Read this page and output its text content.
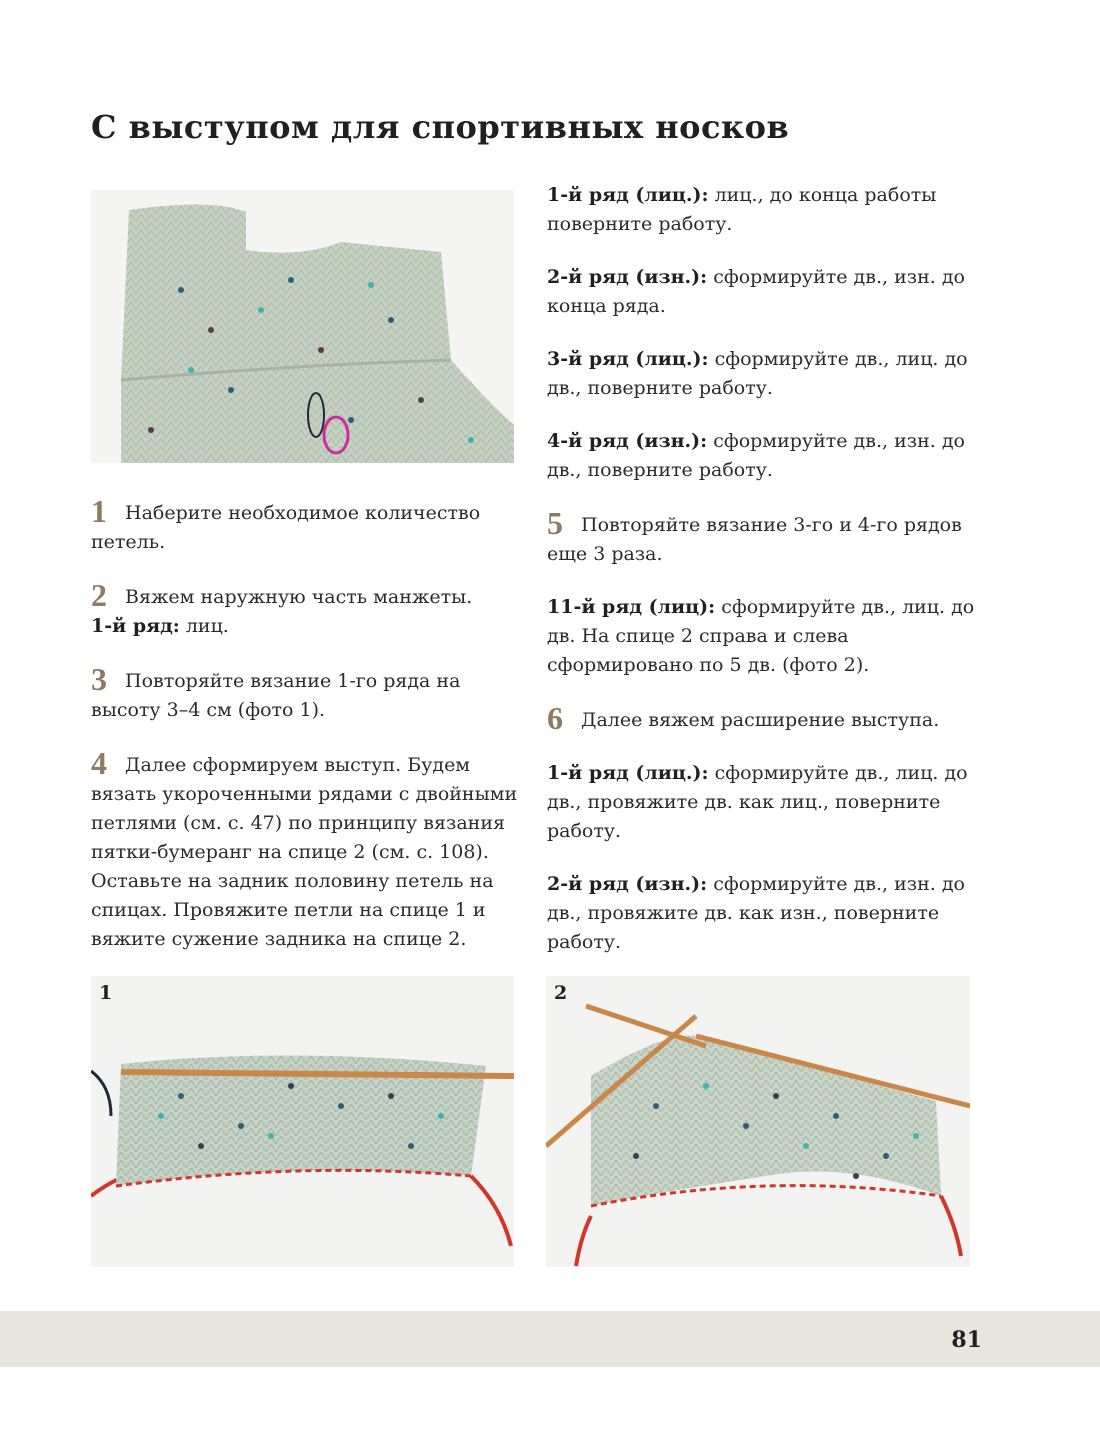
С выступом для спортивных носков

1 Наберите необходимое количество петель.

2 Вяжем наружную часть манжеты.
1-й ряд: лиц.

3 Повторяйте вязание 1-го ряда на высоту 3–4 см (фото 1).

4 Далее сформируем выступ. Будем вязать укороченными рядами с двойными петлями (см. с. 47) по принципу вязания пятки-бумеранг на спице 2 (см. с. 108). Оставьте на задник половину петель на спицах. Провяжите петли на спице 1 и вяжите сужение задника на спице 2.

1-й ряд (лиц.): лиц., до конца работы поверните работу.

2-й ряд (изн.): сформируйте дв., изн. до конца ряда.

3-й ряд (лиц.): сформируйте дв., лиц. до дв., поверните работу.

4-й ряд (изн.): сформируйте дв., изн. до дв., поверните работу.

5 Повторяйте вязание 3-го и 4-го рядов еще 3 раза.

11-й ряд (лиц): сформируйте дв., лиц. до дв. На спице 2 справа и слева сформировано по 5 дв. (фото 2).

6 Далее вяжем расширение выступа.

1-й ряд (лиц.): сформируйте дв., лиц. до дв., провяжите дв. как лиц., поверните работу.

2-й ряд (изн.): сформируйте дв., изн. до дв., провяжите дв. как изн., поверните работу.

1	2
81
